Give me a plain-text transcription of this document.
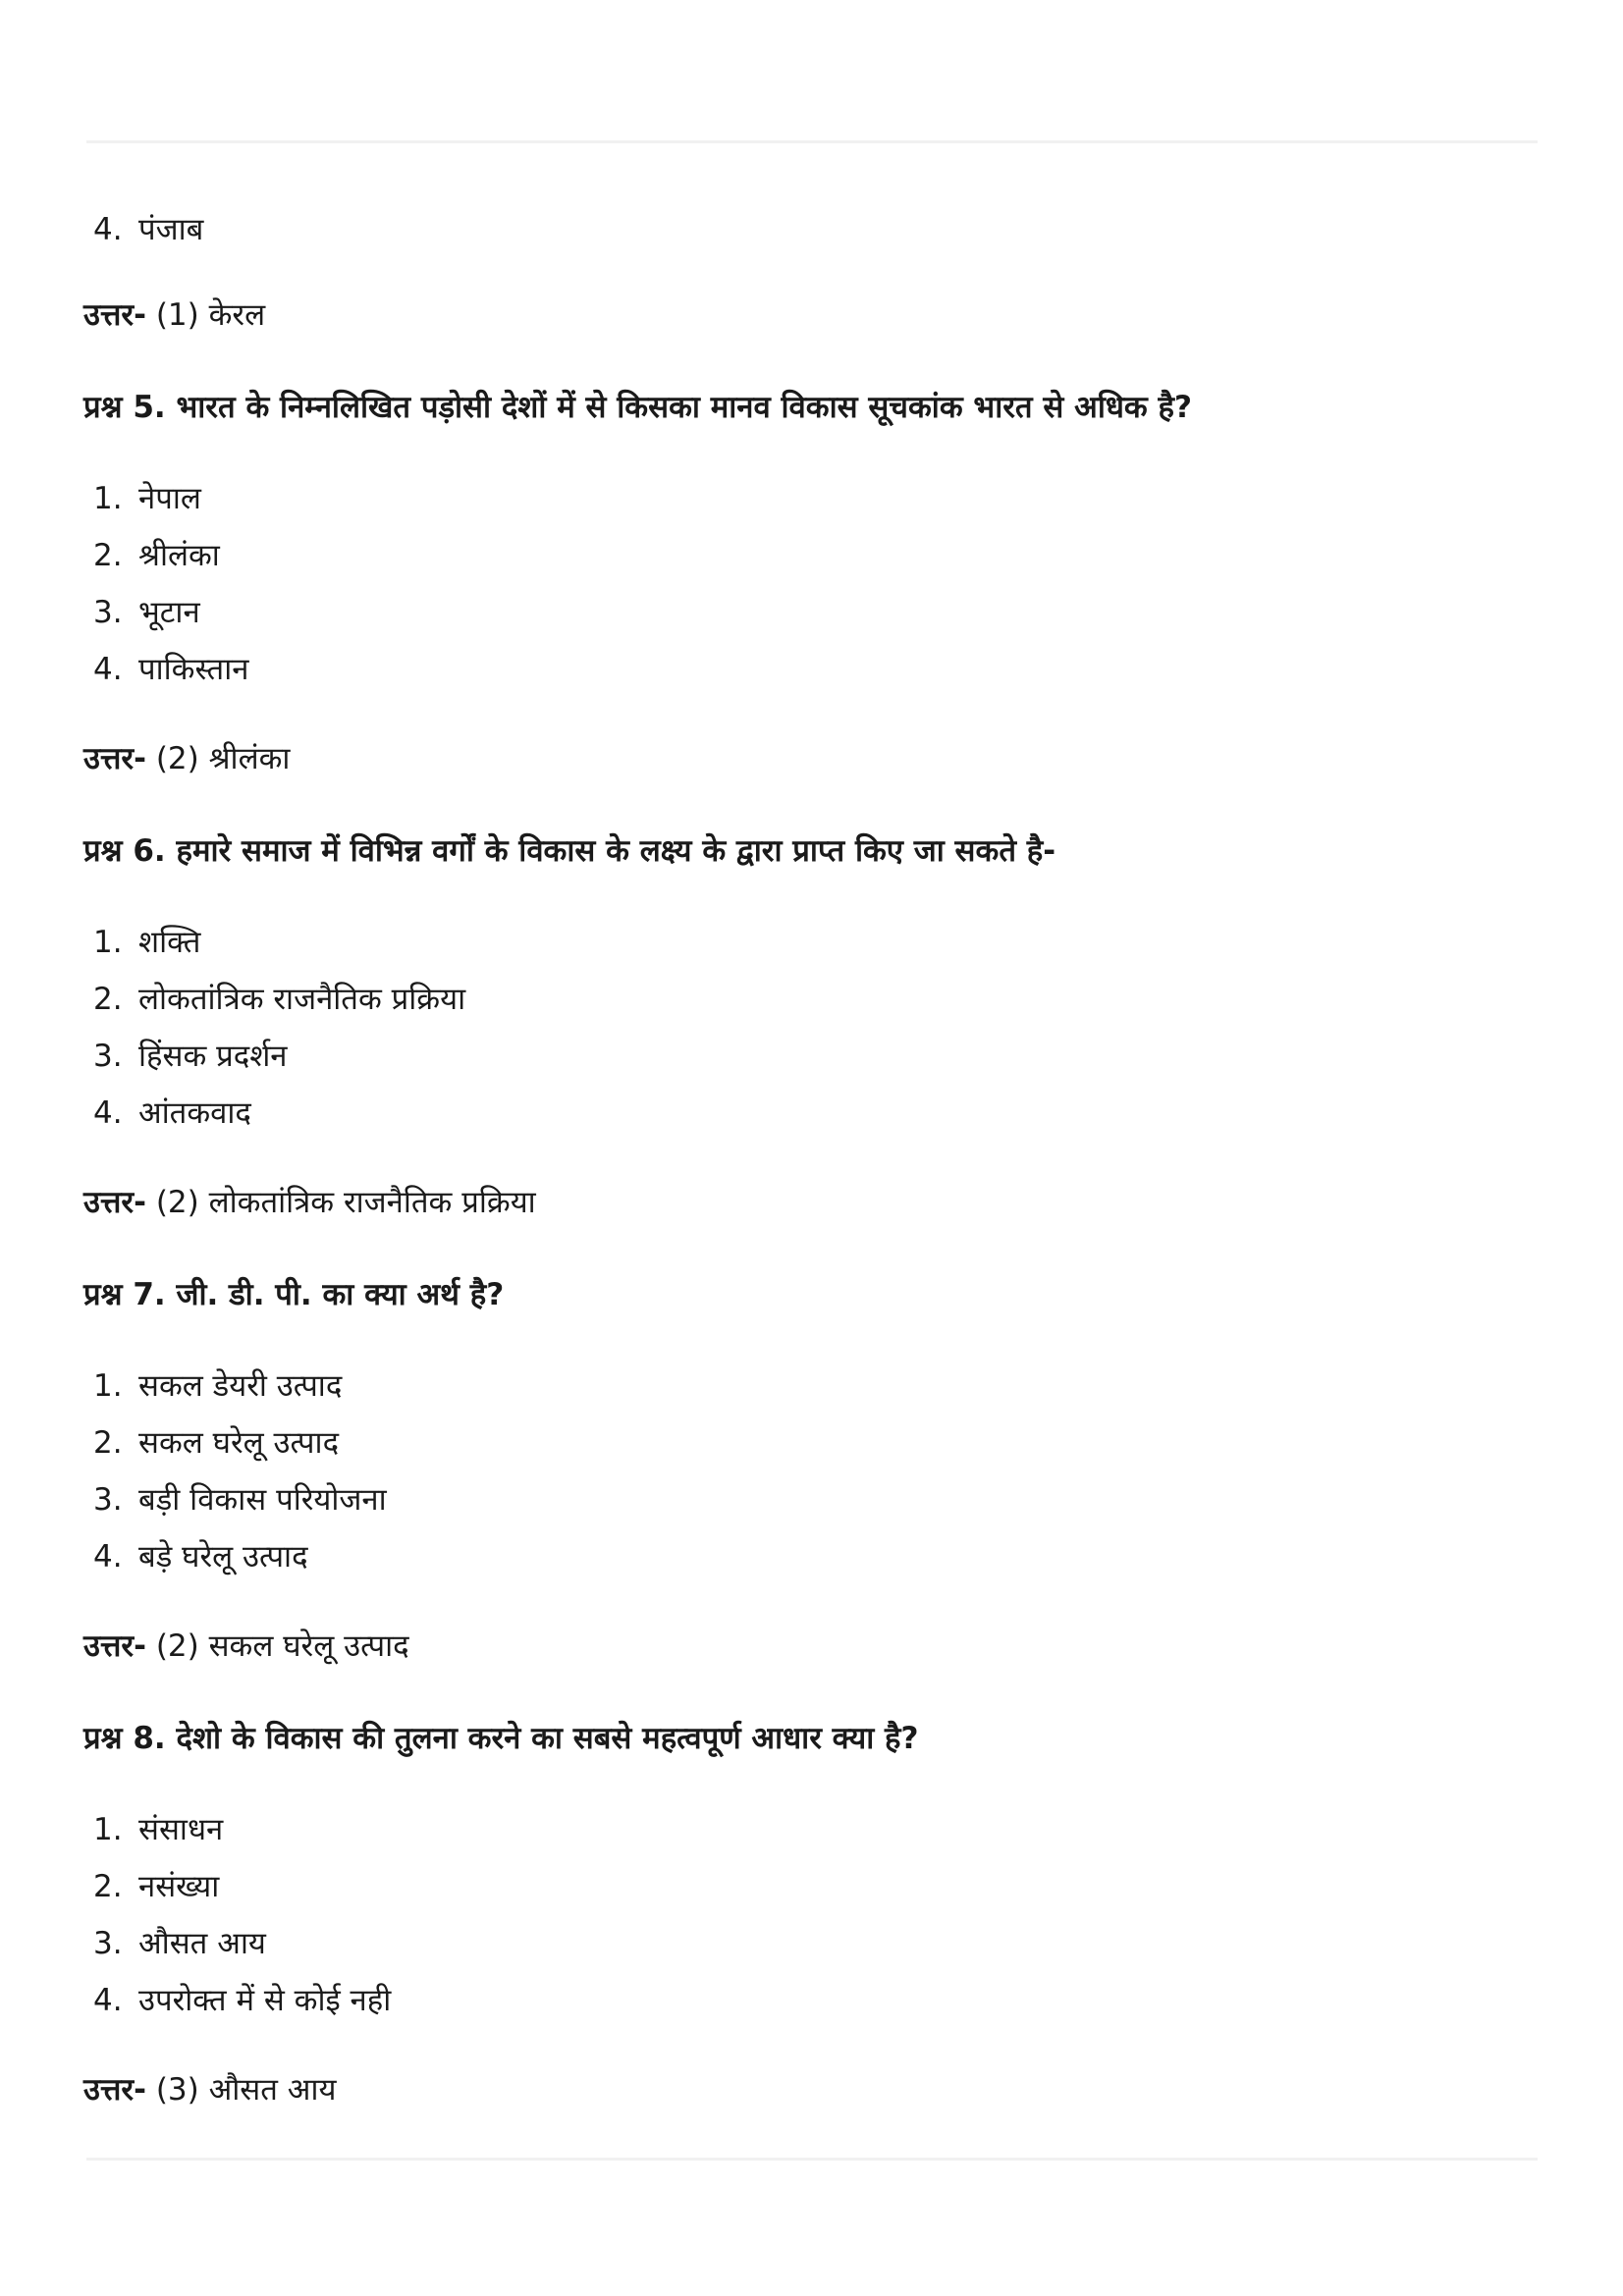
4. पंजाब

उत्तर- (1) केरल

प्रश्न 5. भारत के निम्नलिखित पड़ोसी देशों में से किसका मानव विकास सूचकांक भारत से अधिक है?

1. नेपाल
2. श्रीलंका
3. भूटान
4. पाकिस्तान

उत्तर- (2) श्रीलंका

प्रश्न 6. हमारे समाज में विभिन्न वर्गों के विकास के लक्ष्य के द्वारा प्राप्त किए जा सकते है-

1. शक्ति
2. लोकतांत्रिक राजनैतिक प्रक्रिया
3. हिंसक प्रदर्शन
4. आंतकवाद

उत्तर- (2) लोकतांत्रिक राजनैतिक प्रक्रिया

प्रश्न 7. जी. डी. पी. का क्या अर्थ है?

1. सकल डेयरी उत्पाद
2. सकल घरेलू उत्पाद
3. बड़ी विकास परियोजना
4. बड़े घरेलू उत्पाद

उत्तर- (2) सकल घरेलू उत्पाद

प्रश्न 8. देशो के विकास की तुलना करने का सबसे महत्वपूर्ण आधार क्या है?

1. संसाधन
2. नसंख्या
3. औसत आय
4. उपरोक्त में से कोई नही

उत्तर- (3) औसत आय
